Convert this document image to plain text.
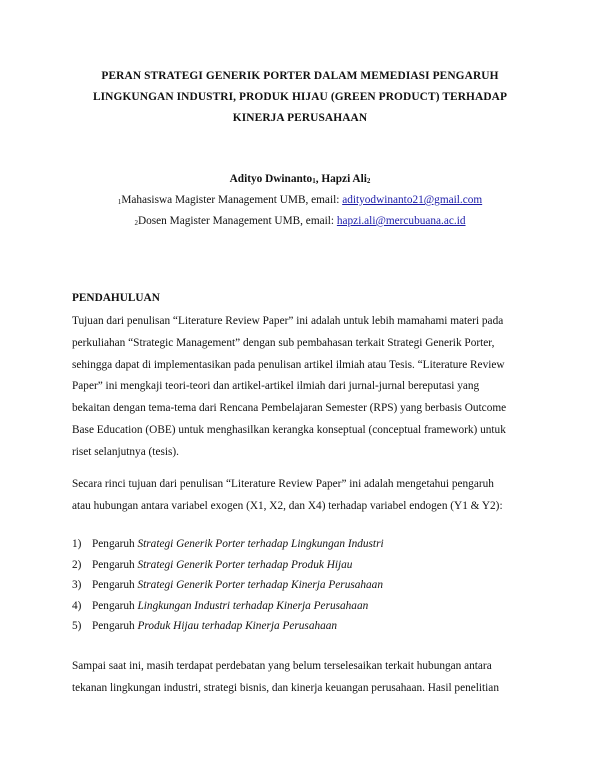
PERAN STRATEGI GENERIK PORTER DALAM MEMEDIASI PENGARUH
LINGKUNGAN INDUSTRI, PRODUK HIJAU (GREEN PRODUCT) TERHADAP
KINERJA PERUSAHAAN
Adityo Dwinanto1, Hapzi Ali2
1Mahasiswa Magister Management UMB, email: adityodwinanto21@gmail.com
2Dosen Magister Management UMB, email: hapzi.ali@mercubuana.ac.id
PENDAHULUAN
Tujuan dari penulisan “Literature Review Paper” ini adalah untuk lebih mamahami materi pada
perkuliahan “Strategic Management” dengan sub pembahasan terkait Strategi Generik Porter,
sehingga dapat di implementasikan pada penulisan artikel ilmiah atau Tesis. “Literature Review
Paper” ini mengkaji teori-teori dan artikel-artikel ilmiah dari jurnal-jurnal bereputasi yang
bekaitan dengan tema-tema dari Rencana Pembelajaran Semester (RPS) yang berbasis Outcome
Base Education (OBE) untuk menghasilkan kerangka konseptual (conceptual framework) untuk
riset selanjutnya (tesis).
Secara rinci tujuan dari penulisan “Literature Review Paper” ini adalah mengetahui pengaruh
atau hubungan antara variabel exogen (X1, X2, dan X4) terhadap variabel endogen (Y1 & Y2):
1) Pengaruh Strategi Generik Porter terhadap Lingkungan Industri
2) Pengaruh Strategi Generik Porter terhadap Produk Hijau
3) Pengaruh Strategi Generik Porter terhadap Kinerja Perusahaan
4) Pengaruh Lingkungan Industri terhadap Kinerja Perusahaan
5) Pengaruh Produk Hijau terhadap Kinerja Perusahaan
Sampai saat ini, masih terdapat perdebatan yang belum terselesaikan terkait hubungan antara
tekanan lingkungan industri, strategi bisnis, dan kinerja keuangan perusahaan. Hasil penelitian
